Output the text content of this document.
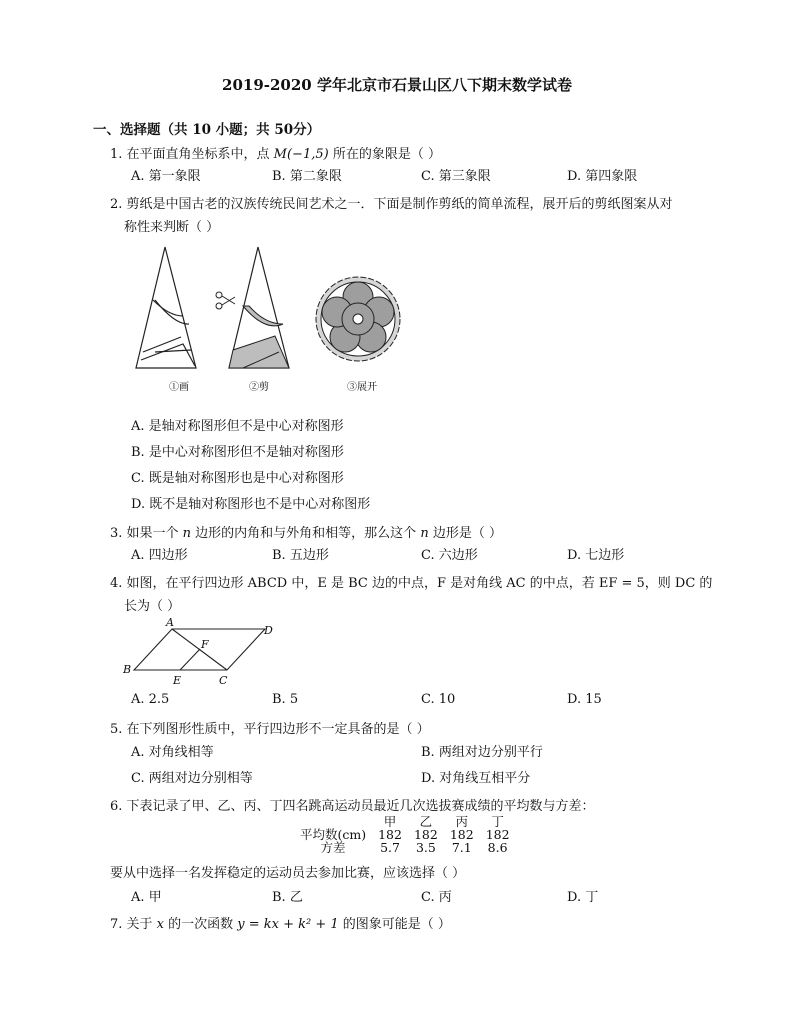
2019-2020 学年北京市石景山区八下期末数学试卷
一、选择题（共 10 小题；共 50分）
1. 在平面直角坐标系中，点 M(−1,5) 所在的象限是（ ）
A. 第一象限	B. 第二象限	C. 第三象限	D. 第四象限
2. 剪纸是中国古老的汉族传统民间艺术之一．下面是制作剪纸的简单流程，展开后的剪纸图案从对
称性来判断（ ）
①画	②剪	③展开
A. 是轴对称图形但不是中心对称图形
B. 是中心对称图形但不是轴对称图形
C. 既是轴对称图形也是中心对称图形
D. 既不是轴对称图形也不是中心对称图形
3. 如果一个 n 边形的内角和与外角和相等，那么这个 n 边形是（ ）
A. 四边形	B. 五边形	C. 六边形	D. 七边形
4. 如图，在平行四边形 ABCD 中，E 是 BC 边的中点，F 是对角线 AC 的中点，若 EF = 5，则 DC 的
长为（ ）
A
B
C
D
E
F
A. 2.5	B. 5	C. 10	D. 15
5. 在下列图形性质中，平行四边形不一定具备的是（ ）
A. 对角线相等	B. 两组对边分别平行
C. 两组对边分别相等	D. 对角线互相平分
6. 下表记录了甲、乙、丙、丁四名跳高运动员最近几次选拔赛成绩的平均数与方差：
	甲	乙	丙	丁
平均数(cm)	182	182	182	182
方差	5.7	3.5	7.1	8.6
要从中选择一名发挥稳定的运动员去参加比赛，应该选择（ ）
A. 甲	B. 乙	C. 丙	D. 丁
7. 关于 x 的一次函数 y = kx + k² + 1 的图象可能是（ ）
